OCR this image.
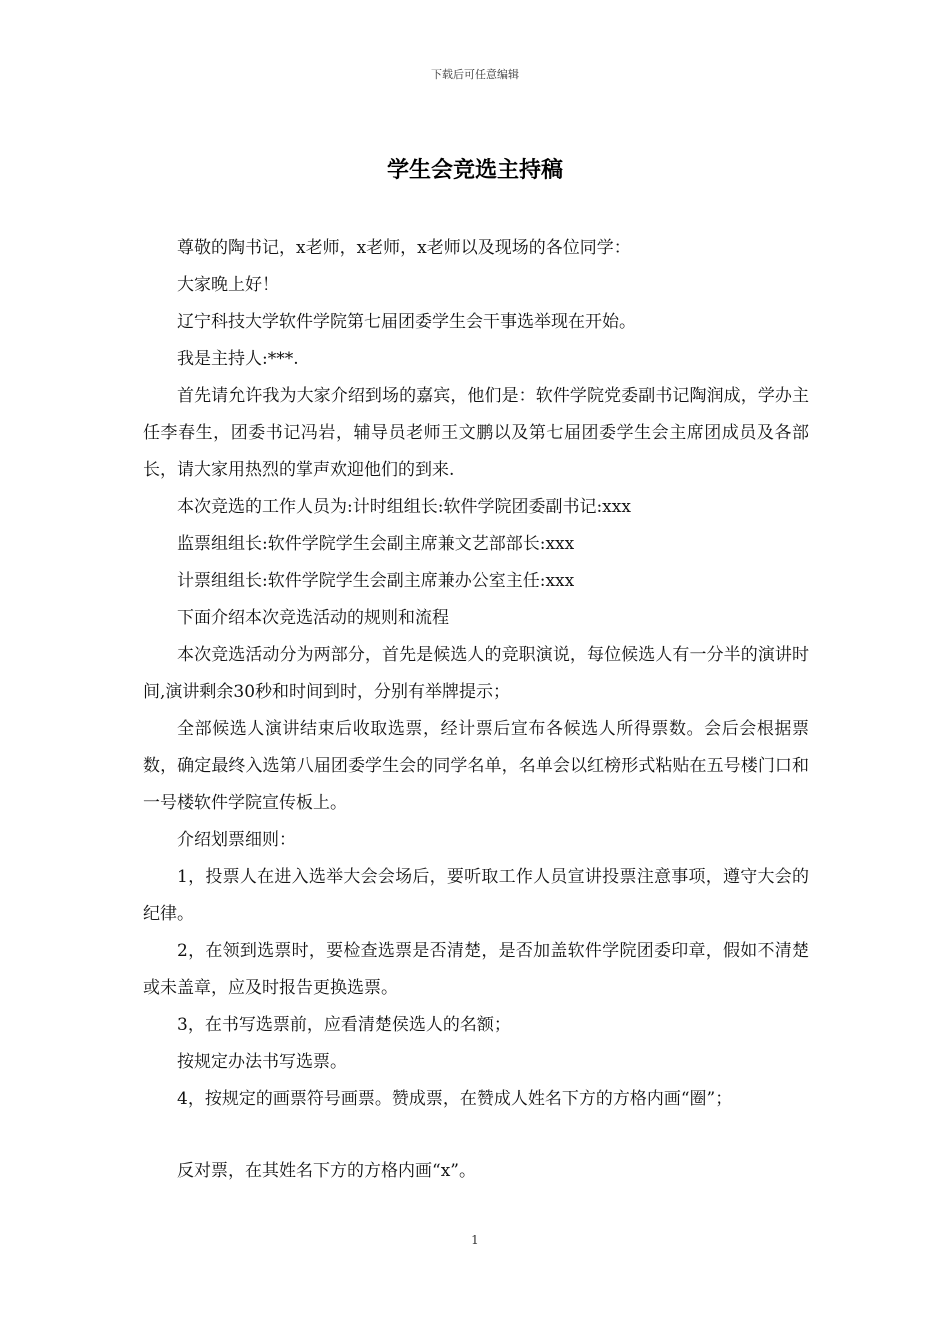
下载后可任意编辑
学生会竞选主持稿

尊敬的陶书记，x老师，x老师，x老师以及现场的各位同学：

大家晚上好！

辽宁科技大学软件学院第七届团委学生会干事选举现在开始。

我是主持人:***.

首先请允许我为大家介绍到场的嘉宾，他们是：软件学院党委副书记陶润成，学办主任李春生，团委书记冯岩，辅导员老师王文鹏以及第七届团委学生会主席团成员及各部长，请大家用热烈的掌声欢迎他们的到来.

本次竞选的工作人员为:计时组组长:软件学院团委副书记:xxx

监票组组长:软件学院学生会副主席兼文艺部部长:xxx

计票组组长:软件学院学生会副主席兼办公室主任:xxx

下面介绍本次竞选活动的规则和流程

本次竞选活动分为两部分，首先是候选人的竞职演说，每位候选人有一分半的演讲时间,演讲剩余30秒和时间到时，分别有举牌提示；

全部候选人演讲结束后收取选票，经计票后宣布各候选人所得票数。会后会根据票数，确定最终入选第八届团委学生会的同学名单，名单会以红榜形式粘贴在五号楼门口和一号楼软件学院宣传板上。

介绍划票细则：

1，投票人在进入选举大会会场后，要听取工作人员宣讲投票注意事项，遵守大会的纪律。

2，在领到选票时，要检查选票是否清楚，是否加盖软件学院团委印章，假如不清楚或未盖章，应及时报告更换选票。

3，在书写选票前，应看清楚侯选人的名额；

按规定办法书写选票。

4，按规定的画票符号画票。赞成票，在赞成人姓名下方的方格内画“圈”；

反对票，在其姓名下方的方格内画“x”。

1
